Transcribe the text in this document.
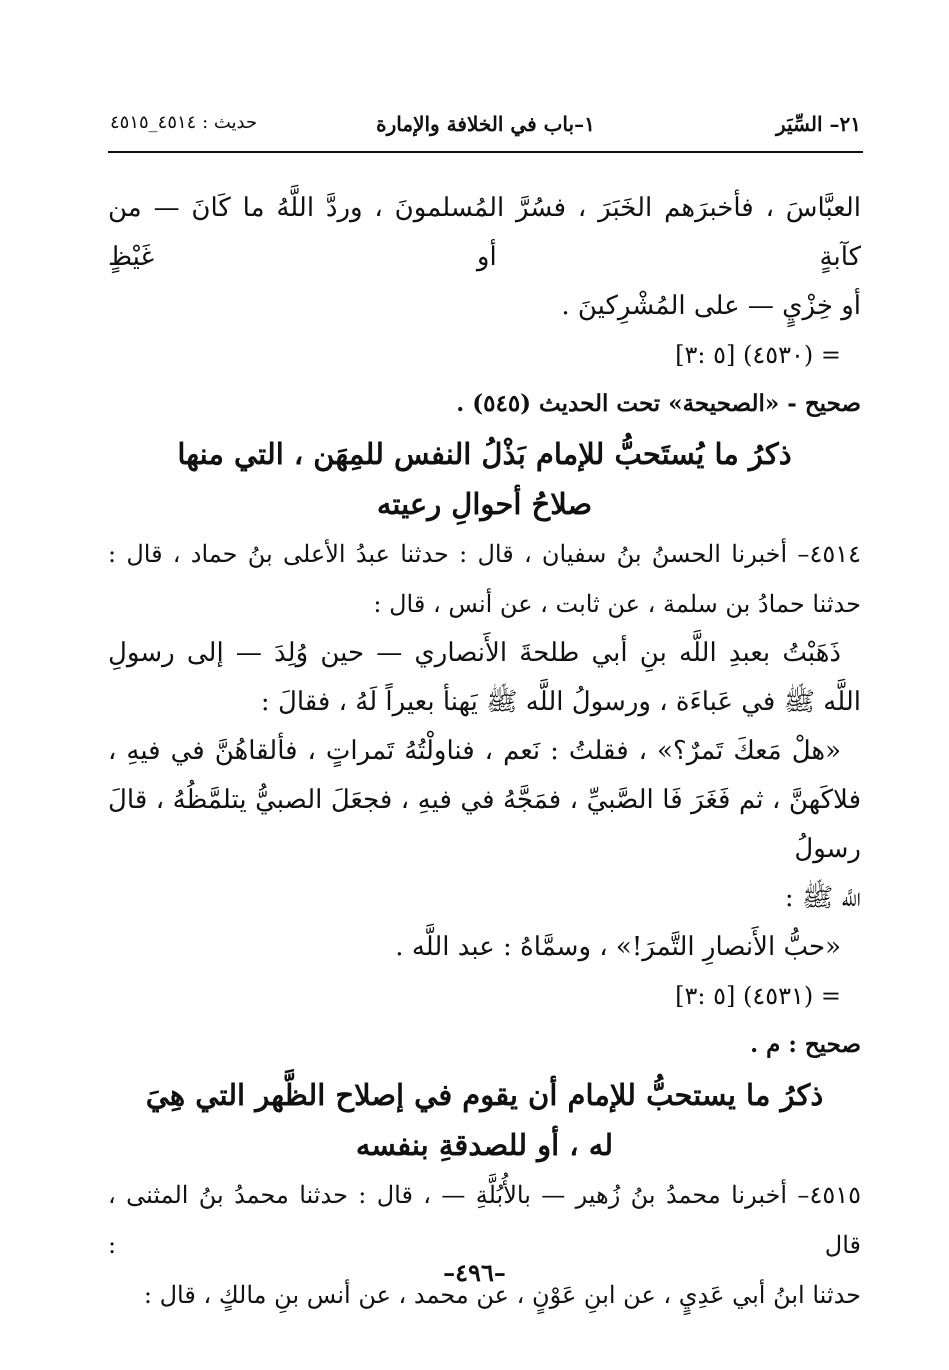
٢١– السِّيَر
١–باب في الخلافة والإمارة
حديث : ٤٥١٤_٤٥١٥

العبَّاسَ ، فأخبرَهم الخَبَرَ ، فسُرَّ المُسلمونَ ، وردَّ اللَّهُ ما كَانَ — من كآبةٍ أو غَيْظٍ

أو خِزْيٍ — على المُشْرِكينَ .

= (٤٥٣٠) [٥ :٣]

صحيح - «الصحيحة» تحت الحديث (٥٤٥) .

ذكرُ ما يُستَحبُّ للإمام بَذْلُ النفس للمِهَن ، التي منها

صلاحُ أحوالِ رعيته

٤٥١٤– أخبرنا الحسنُ بنُ سفيان ، قال : حدثنا عبدُ الأعلى بنُ حماد ، قال :

حدثنا حمادُ بن سلمة ، عن ثابت ، عن أنس ، قال :

ذَهَبْتُ بعبدِ اللَّه بنِ أبي طلحةَ الأَنصاري — حين وُلِدَ — إلى رسولِ

اللَّه ﷺ في عَباءَة ، ورسولُ اللَّه ﷺ يَهنأ بعيراً لَهُ ، فقالَ :

«هلْ مَعكَ تَمرٌ؟» ، فقلتُ : نَعم ، فناولْتُهُ تَمراتٍ ، فألقاهُنَّ في فيهِ ،

فلاكَهنَّ ، ثم فَغَرَ فَا الصَّبيِّ ، فمَجَّهُ في فيهِ ، فجعَلَ الصبيُّ يتلمَّظُهُ ، قالَ رسولُ

اللَّه ﷺ :

«حبُّ الأَنصارِ التَّمرَ!» ، وسمَّاهُ : عبد اللَّه .

= (٤٥٣١) [٥ :٣]

صحيح : م .

ذكرُ ما يستحبُّ للإمام أن يقوم في إصلاح الظَّهر التي هِيَ

له ، أو للصدقةِ بنفسه

٤٥١٥– أخبرنا محمدُ بنُ زُهير — بالأُبُلَّةِ — ، قال : حدثنا محمدُ بنُ المثنى ، قال :

حدثنا ابنُ أبي عَدِيٍ ، عن ابنِ عَوْنٍ ، عن محمد ، عن أنس بنِ مالكٍ ، قال :

–٤٩٦–
